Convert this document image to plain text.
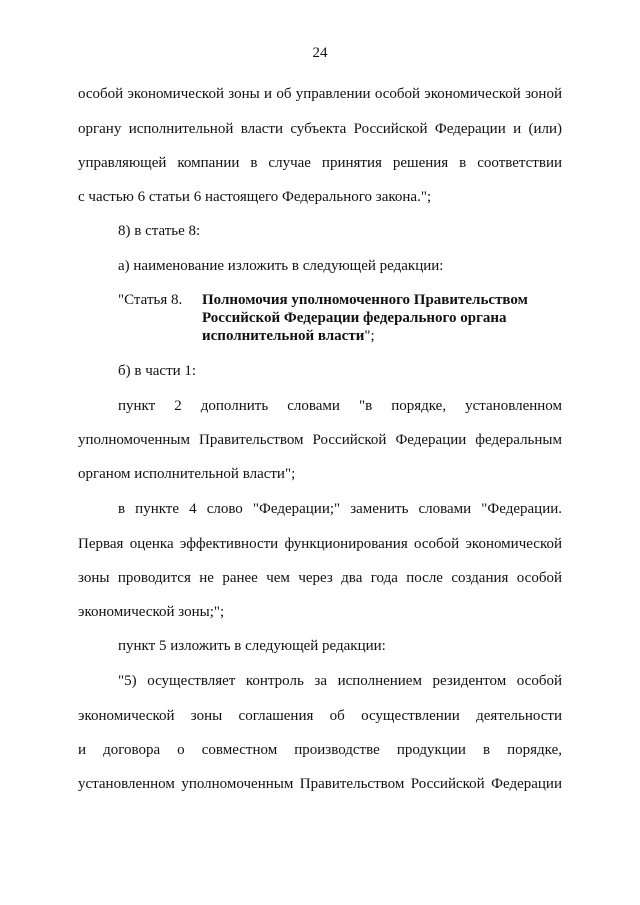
24
особой экономической зоны и об управлении особой экономической зоной
органу исполнительной власти субъекта Российской Федерации и (или)
управляющей компании в случае принятия решения в соответствии
с частью 6 статьи 6 настоящего Федерального закона.";
8) в статье 8:
а) наименование изложить в следующей редакции:
"Статья 8. Полномочия уполномоченного Правительством
Российской Федерации федерального органа
исполнительной власти";
б) в части 1:
пункт 2 дополнить словами "в порядке, установленном
уполномоченным Правительством Российской Федерации федеральным
органом исполнительной власти";
в пункте 4 слово "Федерации;" заменить словами "Федерации.
Первая оценка эффективности функционирования особой экономической
зоны проводится не ранее чем через два года после создания особой
экономической зоны;";
пункт 5 изложить в следующей редакции:
"5) осуществляет контроль за исполнением резидентом особой
экономической зоны соглашения об осуществлении деятельности
и договора о совместном производстве продукции в порядке,
установленном уполномоченным Правительством Российской Федерации
